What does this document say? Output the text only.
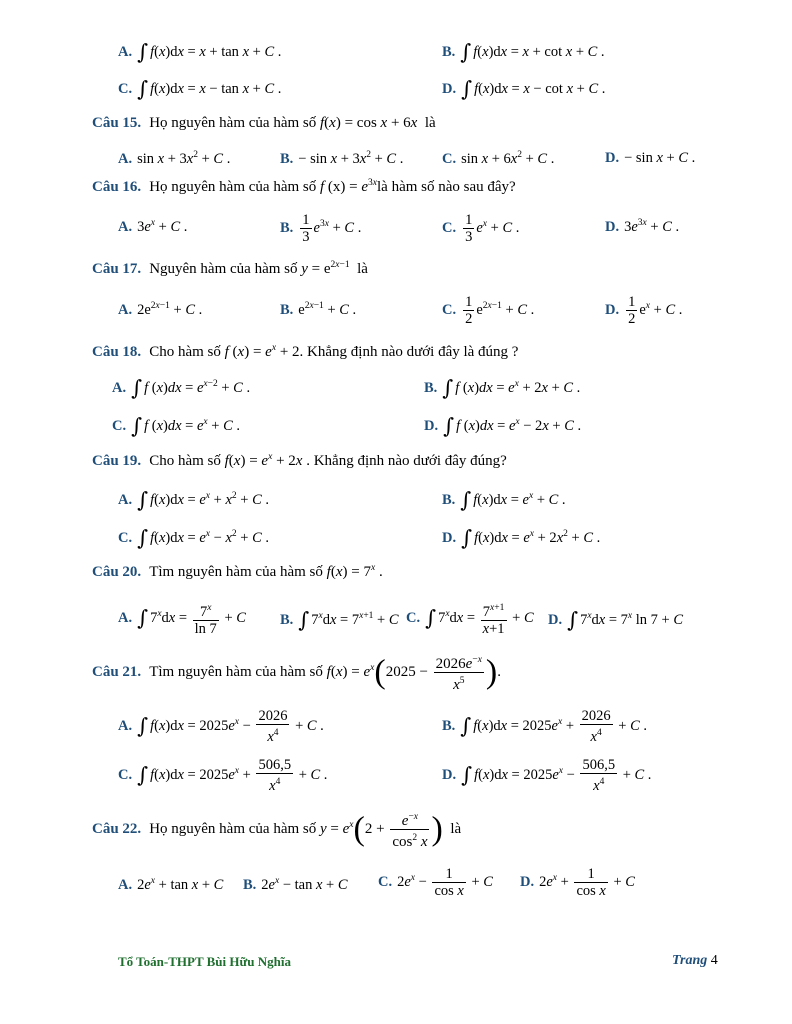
A. ∫ f(x)dx = x + tan x + C .	B. ∫ f(x)dx = x + cot x + C .
C. ∫ f(x)dx = x − tan x + C .	D. ∫ f(x)dx = x − cot x + C .
Câu 15. Họ nguyên hàm của hàm số f(x) = cos x + 6x là
A. $\sin x + 3x^2 + C$ .	B. − $\sin x + 3x^2 + C$ .	C. $\sin x + 6x^2 + C$ .	D. − sin x + C .
Câu 16. Họ nguyên hàm của hàm số f $(x) = e^{3x}là$ hàm số nào sau đây?
A. $3e^x + C$ .	B. $\frac{1}{3} e^{3x} + C$ .	C. $\frac{1}{3} e^x + C$ .	D. $3e^{3x} + C$ .
Câu 17. Nguyên hàm của hàm số $y = e^{2x-1}$ là
A. $2e^{2x-1} + C$ .	B. $e^{2x-1} + C$ .	C. $\frac{1}{2} e^{2x-1} + C$ .	D. $\frac{1}{2} e^x + C$ .
Câu 18. Cho hàm số f $(x) = e^x + 2$. Khẳng định nào dưới đây là đúng ?
A. ∫ f $(x)dx = e^{x-2} + C$ .	B. ∫ f $(x)dx = e^x + 2x + C$ .
C. ∫ f $(x)dx = e^x + C$ .	D. ∫ f $(x)dx = e^x - 2x + C$ .
Câu 19. Cho hàm số $f(x) = e^x + 2x$ . Khẳng định nào dưới đây đúng?
A. ∫ $f(x)dx = e^x + x^2 + C$ .	B. ∫ $f(x)dx = e^x + C$ .
C. ∫ $f(x)dx = e^x - x^2 + C$ .	D. ∫ $f(x)dx = e^x + 2x^2 + C$ .
Câu 20. Tìm nguyên hàm của hàm số $f(x) = 7^x$ .
A. ∫ $7^xdx = \frac{7^x}{\ln 7} + C$ B. ∫ $7^xdx = 7^{x+1} + C$ C. ∫ $7^xdx = \frac{7^{x+1}}{x+1} + C$ D. ∫ $7^xdx = 7^x$ ln 7 + C
Câu 21. Tìm nguyên hàm của hàm số $f(x) = e^x(2025 - \frac{2026e^{-x}}{x^5}$ ).
A. ∫ $f(x)dx = 2025e^x - \frac{2026}{x^4} + C$ .	B. ∫ $f(x)dx = 2025e^x + \frac{2026}{x^4} + C$ .
C. ∫ $f(x)dx = 2025e^x + \frac{506,5}{x^4} + C$ .	D. ∫ $f(x)dx = 2025e^x - \frac{506,5}{x^4} + C$ .
Câu 22. Họ nguyên hàm của hàm số $y = e^x(2 + \frac{e^{-x}}{\cos^2 x}$ ) là
A. $2e^x + \tan x + C$ B. $2e^x - \tan x + C$ C. $2e^x - \frac{1}{\text{cos x}} + C$ D. $2e^x + \frac{1}{\text{cos x}} + C$
Tổ Toán-THPT Bùi Hữu Nghĩa	Trang 4
